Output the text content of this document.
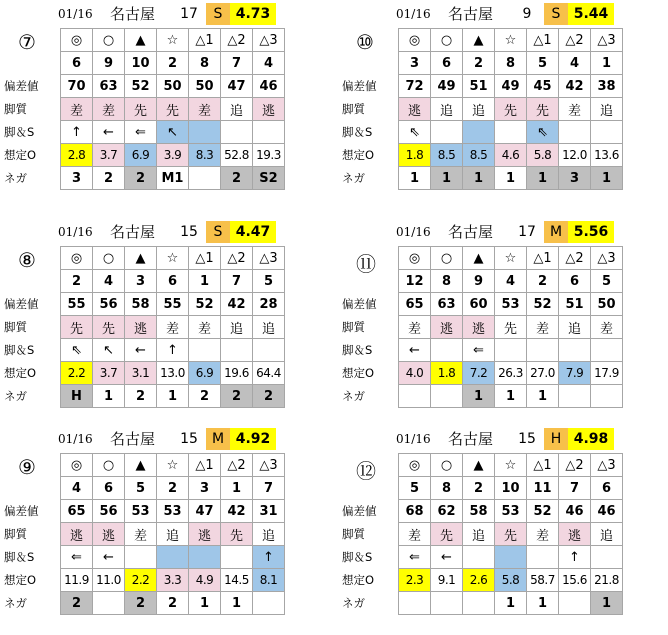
01/16 名古屋 17	S 4.73
⑦
偏差値
脚質
脚＆S
想定O
ネガ
◎	○	▲	☆	△1	△2	△3
6	9	10	2	8	7	4
70	63	52	50	50	47	46
差	差	先	先	差	追	逃
↑	←	⇐	↖			
2.8	3.7	6.9	3.9	8.3	52.8	19.3
3	2	2	M1		2	S2
01/16 名古屋	9	S 5.44
⑩
偏差値
脚質
脚＆S
想定O
ネガ
◎	○	▲	☆	△1	△2	△3
3	6	2	8	5	4	1
72	49	51	49	45	42	38
逃	追	追	先	先	差	追
⇖				⇖		
1.8	8.5	8.5	4.6	5.8	12.0	13.6
1	1	1	1	1	3	1
01/16 名古屋 15	S 4.47
⑧
偏差値
脚質
脚＆S
想定O
ネガ
◎	○	▲	☆	△1	△2	△3
2	4	3	6	1	7	5
55	56	58	55	52	42	28
先	先	逃	差	差	追	追
⇖	↖	←	↑			
2.2	3.7	3.1	13.0	6.9	19.6	64.4
H	1	2	1	2	2	2
01/16 名古屋 17	M 5.56
⑪
偏差値
脚質
脚＆S
想定O
ネガ
◎	○	▲	☆	△1	△2	△3
12	8	9	4	2	6	5
65	63	60	53	52	51	50
差	逃	逃	先	差	追	差
←		⇐				
4.0	1.8	7.2	26.3	27.0	7.9	17.9
		1	1	1		
01/16 名古屋 15	M 4.92
⑨
偏差値
脚質
脚＆S
想定O
ネガ
◎	○	▲	☆	△1	△2	△3
4	6	5	2	3	1	7
65	56	53	53	47	42	31
逃	逃	差	追	逃	先	追
⇐	←					↑
11.9	11.0	2.2	3.3	4.9	14.5	8.1
2		2	2	1	1	
01/16 名古屋 15	H 4.98
⑫
偏差値
脚質
脚＆S
想定O
ネガ
◎	○	▲	☆	△1	△2	△3
5	8	2	10	11	7	6
68	62	58	53	52	46	46
差	先	追	先	差	逃	追
⇐	←				↑	
2.3	9.1	2.6	5.8	58.7	15.6	21.8
			1	1		1
